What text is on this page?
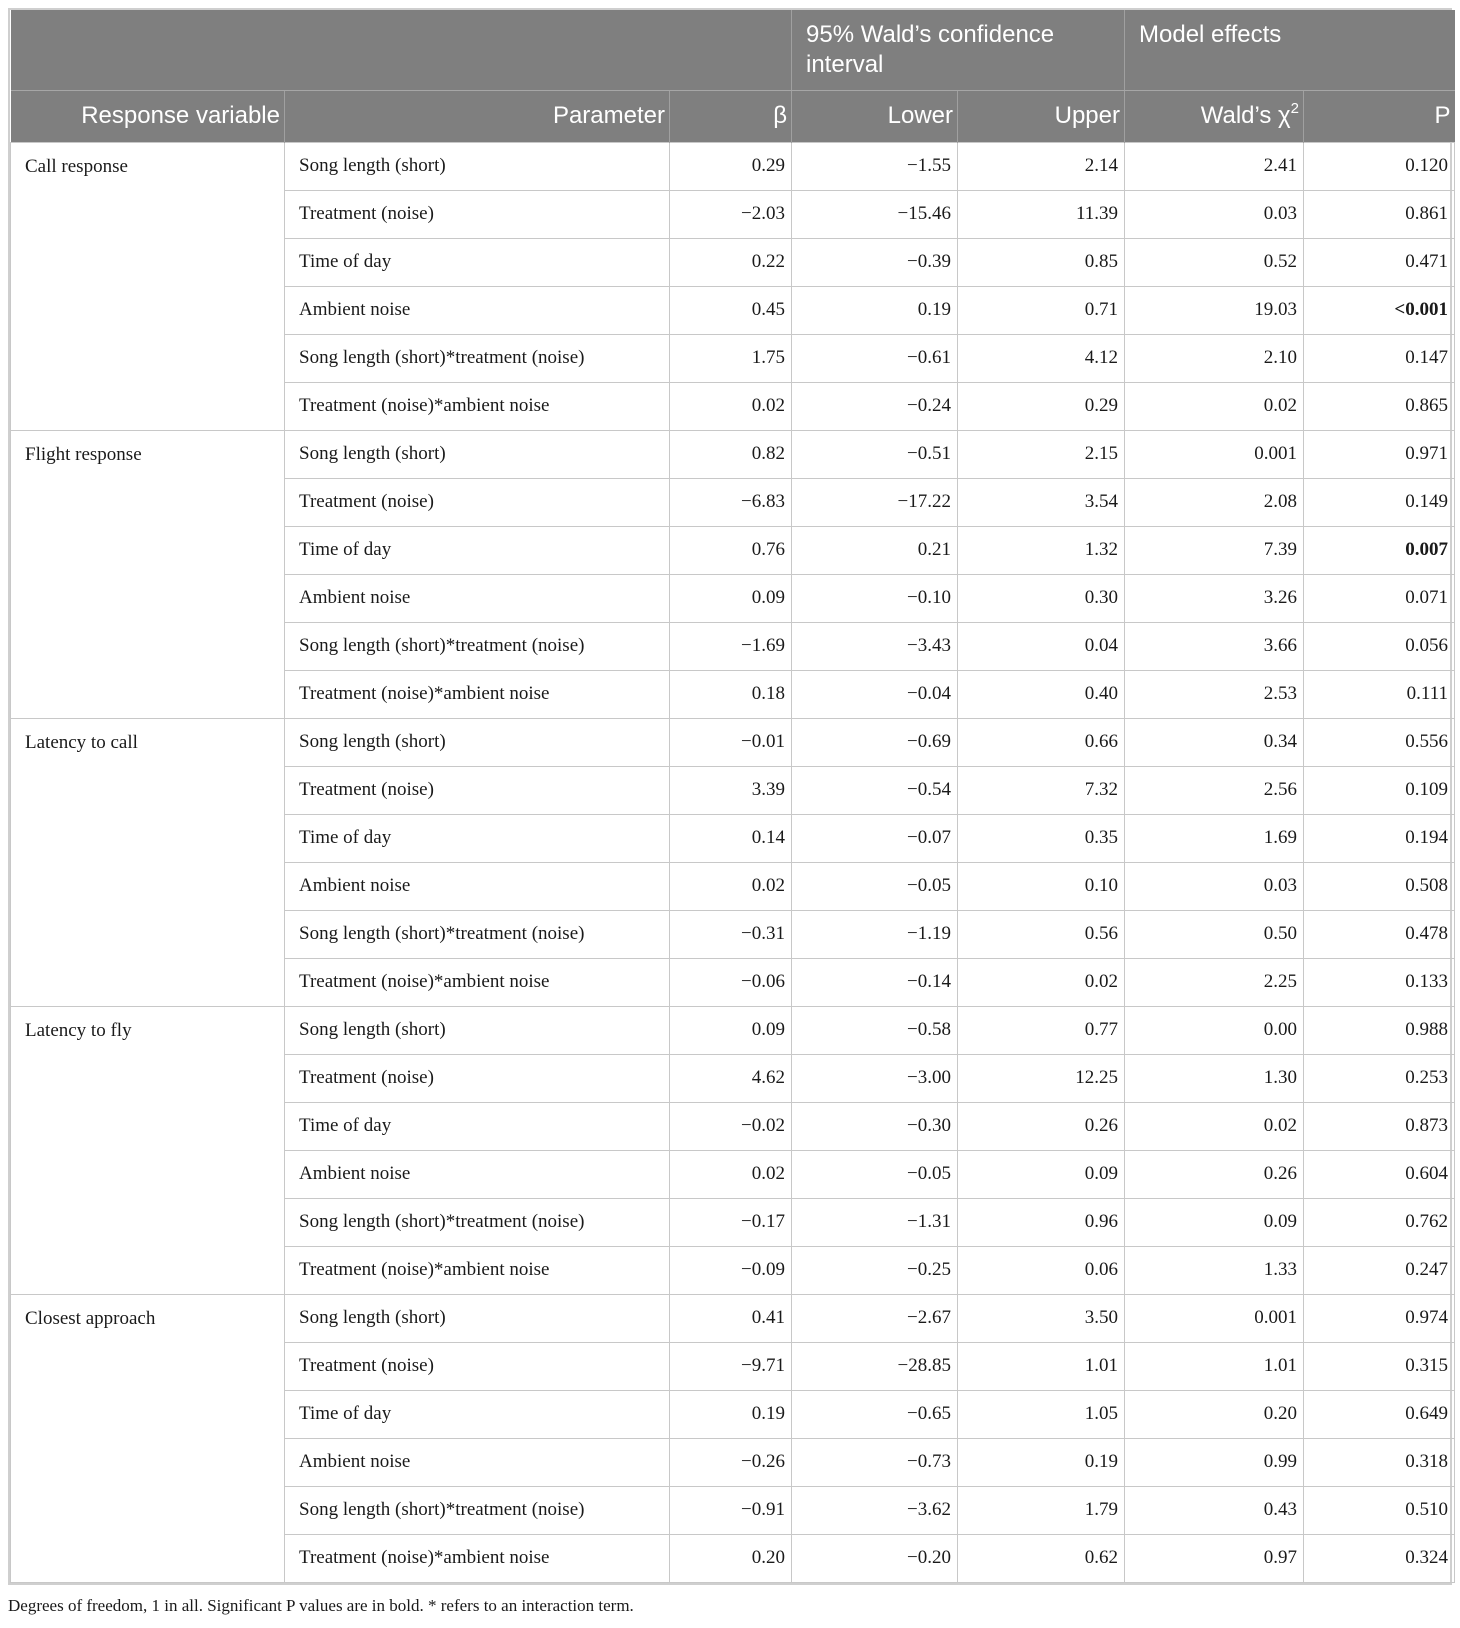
			95% Wald’s confidence interval		Model effects	
Response variable	Parameter	β	Lower	Upper	Wald’s $\chi^2$	P
Call response	Song length (short)	0.29	−1.55	2.14	2.41	0.120
	Treatment (noise)	−2.03	−15.46	11.39	0.03	0.861
	Time of day	0.22	−0.39	0.85	0.52	0.471
	Ambient noise	0.45	0.19	0.71	19.03	<0.001
	Song length (short)*treatment (noise)	1.75	−0.61	4.12	2.10	0.147
	Treatment (noise)*ambient noise	0.02	−0.24	0.29	0.02	0.865
Flight response	Song length (short)	0.82	−0.51	2.15	0.001	0.971
	Treatment (noise)	−6.83	−17.22	3.54	2.08	0.149
	Time of day	0.76	0.21	1.32	7.39	0.007
	Ambient noise	0.09	−0.10	0.30	3.26	0.071
	Song length (short)*treatment (noise)	−1.69	−3.43	0.04	3.66	0.056
	Treatment (noise)*ambient noise	0.18	−0.04	0.40	2.53	0.111
Latency to call	Song length (short)	−0.01	−0.69	0.66	0.34	0.556
	Treatment (noise)	3.39	−0.54	7.32	2.56	0.109
	Time of day	0.14	−0.07	0.35	1.69	0.194
	Ambient noise	0.02	−0.05	0.10	0.03	0.508
	Song length (short)*treatment (noise)	−0.31	−1.19	0.56	0.50	0.478
	Treatment (noise)*ambient noise	−0.06	−0.14	0.02	2.25	0.133
Latency to fly	Song length (short)	0.09	−0.58	0.77	0.00	0.988
	Treatment (noise)	4.62	−3.00	12.25	1.30	0.253
	Time of day	−0.02	−0.30	0.26	0.02	0.873
	Ambient noise	0.02	−0.05	0.09	0.26	0.604
	Song length (short)*treatment (noise)	−0.17	−1.31	0.96	0.09	0.762
	Treatment (noise)*ambient noise	−0.09	−0.25	0.06	1.33	0.247
Closest approach	Song length (short)	0.41	−2.67	3.50	0.001	0.974
	Treatment (noise)	−9.71	−28.85	1.01	1.01	0.315
	Time of day	0.19	−0.65	1.05	0.20	0.649
	Ambient noise	−0.26	−0.73	0.19	0.99	0.318
	Song length (short)*treatment (noise)	−0.91	−3.62	1.79	0.43	0.510
	Treatment (noise)*ambient noise	0.20	−0.20	0.62	0.97	0.324
Degrees of freedom, 1 in all. Significant P values are in bold. * refers to an interaction term.
